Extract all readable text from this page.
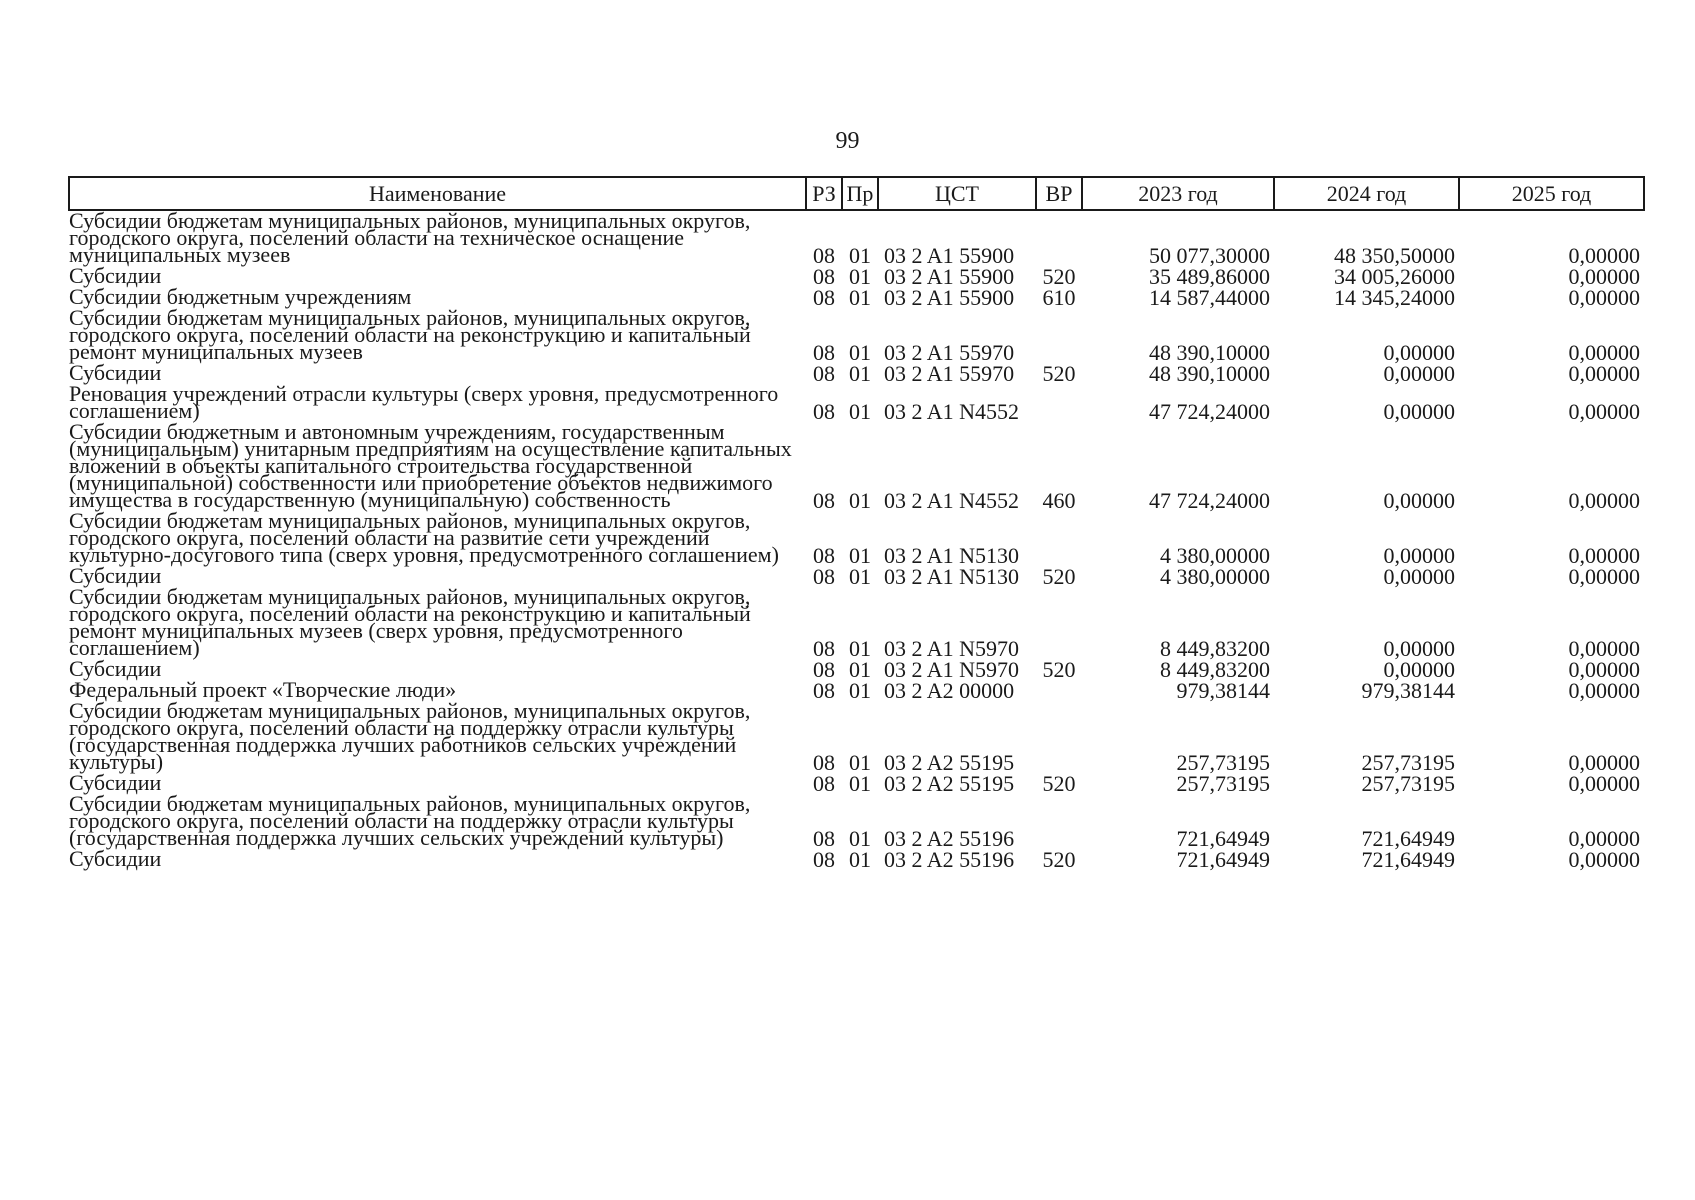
99
Наименование	РЗ	Пр	ЦСТ	ВР	2023 год	2024 год	2025 год
Субсидии бюджетам муниципальных районов, муниципальных округов, городского округа, поселений области на техническое оснащение муниципальных музеев	08	01	03 2 A1 55900		50 077,30000	48 350,50000	0,00000
Субсидии	08	01	03 2 A1 55900	520	35 489,86000	34 005,26000	0,00000
Субсидии бюджетным учреждениям	08	01	03 2 A1 55900	610	14 587,44000	14 345,24000	0,00000
Субсидии бюджетам муниципальных районов, муниципальных округов, городского округа, поселений области на реконструкцию и капитальный ремонт муниципальных музеев	08	01	03 2 A1 55970		48 390,10000	0,00000	0,00000
Субсидии	08	01	03 2 A1 55970	520	48 390,10000	0,00000	0,00000
Реновация учреждений отрасли культуры (сверх уровня, предусмотренного соглашением)	08	01	03 2 A1 N4552		47 724,24000	0,00000	0,00000
Субсидии бюджетным и автономным учреждениям, государственным (муниципальным) унитарным предприятиям на осуществление капитальных вложений в объекты капитального строительства государственной (муниципальной) собственности или приобретение объектов недвижимого имущества в государственную (муниципальную) собственность	08	01	03 2 A1 N4552	460	47 724,24000	0,00000	0,00000
Субсидии бюджетам муниципальных районов, муниципальных округов, городского округа, поселений области на развитие сети учреждений культурно-досугового типа (сверх уровня, предусмотренного соглашением)	08	01	03 2 A1 N5130		4 380,00000	0,00000	0,00000
Субсидии	08	01	03 2 A1 N5130	520	4 380,00000	0,00000	0,00000
Субсидии бюджетам муниципальных районов, муниципальных округов, городского округа, поселений области на реконструкцию и капитальный ремонт муниципальных музеев (сверх уровня, предусмотренного соглашением)	08	01	03 2 A1 N5970		8 449,83200	0,00000	0,00000
Субсидии	08	01	03 2 A1 N5970	520	8 449,83200	0,00000	0,00000
Федеральный проект «Творческие люди»	08	01	03 2 A2 00000		979,38144	979,38144	0,00000
Субсидии бюджетам муниципальных районов, муниципальных округов, городского округа, поселений области на поддержку отрасли культуры (государственная поддержка лучших работников сельских учреждений культуры)	08	01	03 2 A2 55195		257,73195	257,73195	0,00000
Субсидии	08	01	03 2 A2 55195	520	257,73195	257,73195	0,00000
Субсидии бюджетам муниципальных районов, муниципальных округов, городского округа, поселений области на поддержку отрасли культуры (государственная поддержка лучших сельских учреждений культуры)	08	01	03 2 A2 55196		721,64949	721,64949	0,00000
Субсидии	08	01	03 2 A2 55196	520	721,64949	721,64949	0,00000
